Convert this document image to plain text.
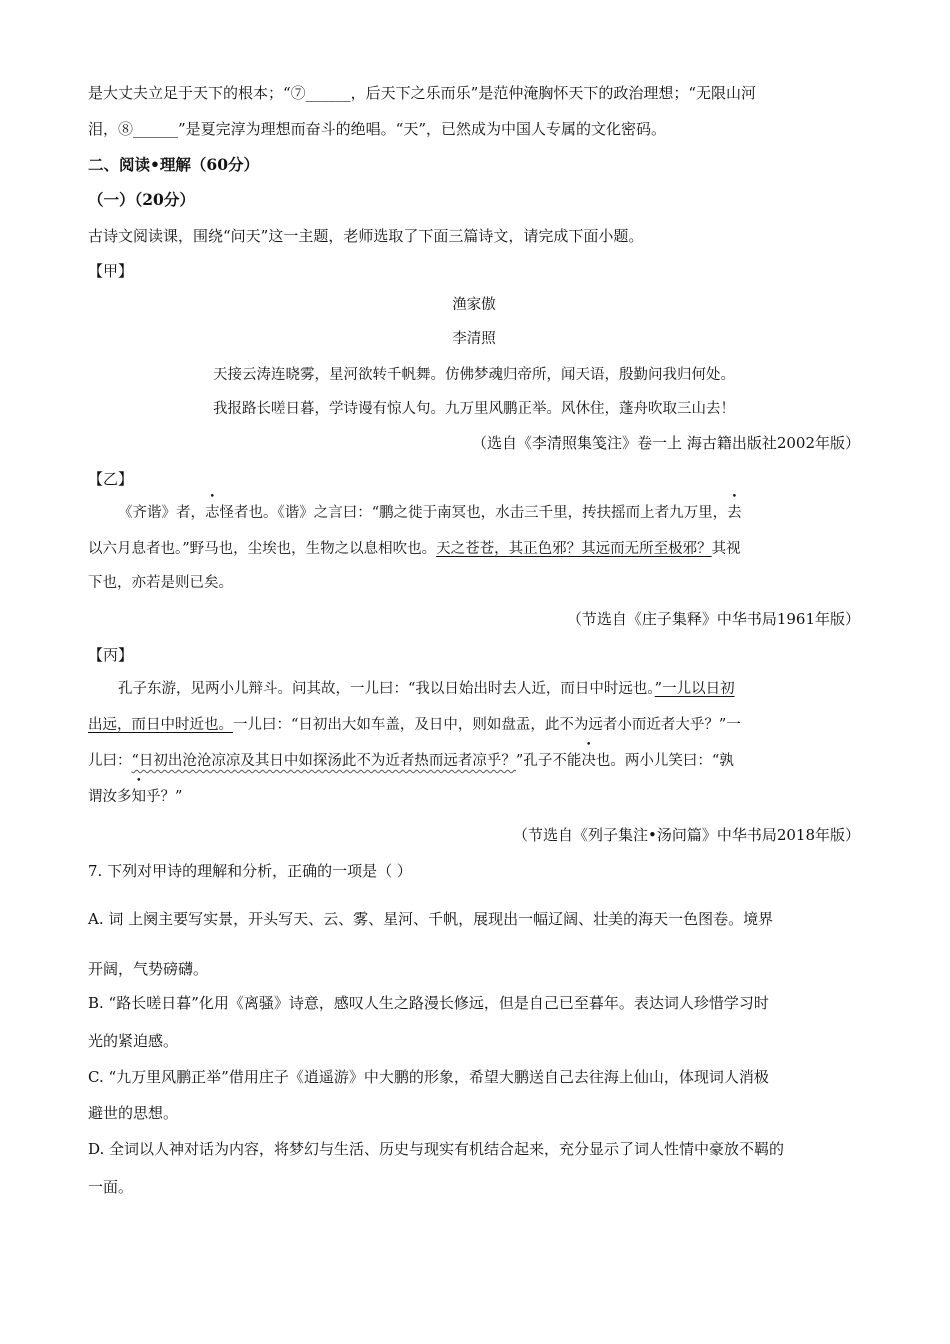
是大丈夫立足于天下的根本；“⑦______，后天下之乐而乐”是范仲淹胸怀天下的政治理想；“无限山河
泪，⑧______”是夏完淳为理想而奋斗的绝唱。“天”，已然成为中国人专属的文化密码。
二、阅读•理解（60分）
（一）（20分）
古诗文阅读课，围绕“问天”这一主题，老师选取了下面三篇诗文，请完成下面小题。
【甲】
渔家傲
李清照
天接云涛连晓雾，星河欲转千帆舞。仿佛梦魂归帝所，闻天语，殷勤问我归何处。
我报路长嗟日暮，学诗谩有惊人句。九万里风鹏正举。风休住，蓬舟吹取三山去！
（选自《李清照集笺注》卷一上 海古籍出版社2002年版）
【乙】
《齐谐》者，志怪者也。《谐》之言曰：“鹏之徙于南冥也，水击三千里，抟扶摇而上者九万里，去
以六月息者也。”野马也，尘埃也，生物之以息相吹也。天之苍苍，其正色邪？其远而无所至极邪？其视
下也，亦若是则已矣。
（节选自《庄子集释》中华书局1961年版）
【丙】
孔子东游，见两小儿辩斗。问其故，一儿曰：“我以日始出时去人近，而日中时远也。”一儿以日初
出远，而日中时近也。一儿曰：“日初出大如车盖，及日中，则如盘盂，此不为远者小而近者大乎？”一
儿曰：“日初出沧沧凉凉及其日中如探汤此不为近者热而远者凉乎？”孔子不能决也。两小儿笑曰：“孰
谓汝多知乎？”
（节选自《列子集注•汤问篇》中华书局2018年版）
7. 下列对甲诗的理解和分析，正确的一项是（ ）
A. 词 上阕主要写实景，开头写天、云、雾、星河、千帆，展现出一幅辽阔、壮美的海天一色图卷。境界
开阔，气势磅礴。
B. “路长嗟日暮”化用《离骚》诗意，感叹人生之路漫长修远，但是自己已至暮年。表达词人珍惜学习时
光的紧迫感。
C. “九万里风鹏正举”借用庄子《逍遥游》中大鹏的形象，希望大鹏送自己去往海上仙山，体现词人消极
避世的思想。
D. 全词以人神对话为内容，将梦幻与生活、历史与现实有机结合起来，充分显示了词人性情中豪放不羁的
一面。
